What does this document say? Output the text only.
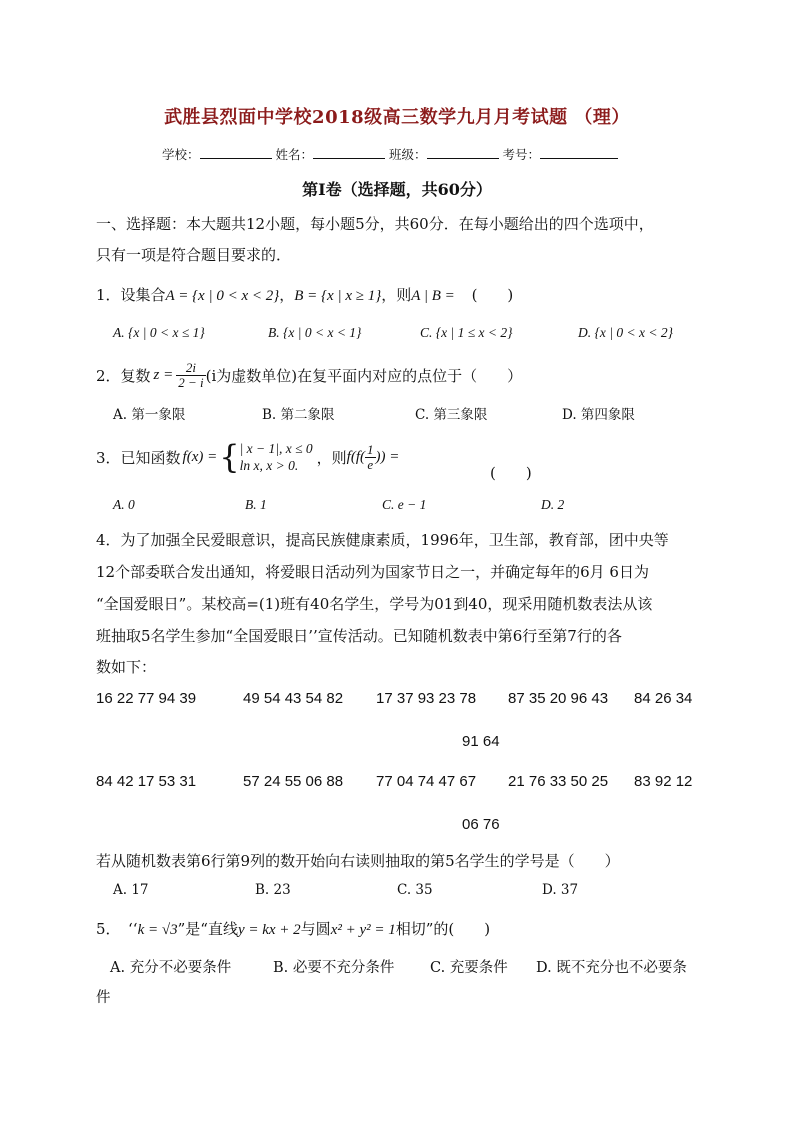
武胜县烈面中学校2018级高三数学九月月考试题 （理）
学校：	姓名：	班级：	考号：
第Ⅰ卷（选择题，共60分）
一、选择题：本大题共12小题，每小题5分，共60分．在每小题给出的四个选项中，
只有一项是符合题目要求的．
1．设集合A = {x | 0 < x < 2}，B = {x | x ≥ 1}，则A | B = (　　)
A. {x | 0 < x ≤ 1}	B. {x | 0 < x < 1}	C. {x | 1 ≤ x < 2}	D. {x | 0 < x < 2}
2．复数 $z = \frac{2i}{2 - i} (i$为虚数单位)在复平面内对应的点位于（　　）
A. 第一象限	B. 第二象限	C. 第三象限	D. 第四象限
3．已知函数 f(x) = { | x − 1|, x ≤ 0
ln x, x > 0.	，则 $f(f( \frac{1}{e}$ )) =
(　　)
A. 0	B. 1	C. e − 1	D. 2
4．为了加强全民爱眼意识，提高民族健康素质，1996年，卫生部，教育部，团中央等
12个部委联合发出通知，将爱眼日活动列为国家节日之一，并确定每年的6月 6日为
“全国爱眼日”。某校高=(1)班有40名学生，学号为01到40，现采用随机数表法从该
班抽取5名学生参加“全国爱眼日’’宣传活动。已知随机数表中第6行至第7行的各
数如下：
16 22 77 94 39	49 54 43 54 82 17 37 93 23 78 87 35 20 96 43 84 26 34
91 64
84 42 17 53 31	57 24 55 06 88 77 04 74 47 67 21 76 33 50 25 83 92 12
06 76
若从随机数表第6行第9列的数开始向右读则抽取的第5名学生的学号是（　　）
A. 17	B. 23	C. 35	D. 37
5．　‘‘k = √3”是“直线y = kx + 2与圆x² + y² = 1相切”的(　　)
A. 充分不必要条件	B. 必要不充分条件 C. 充要条件 D. 既不充分也不必要条
件
